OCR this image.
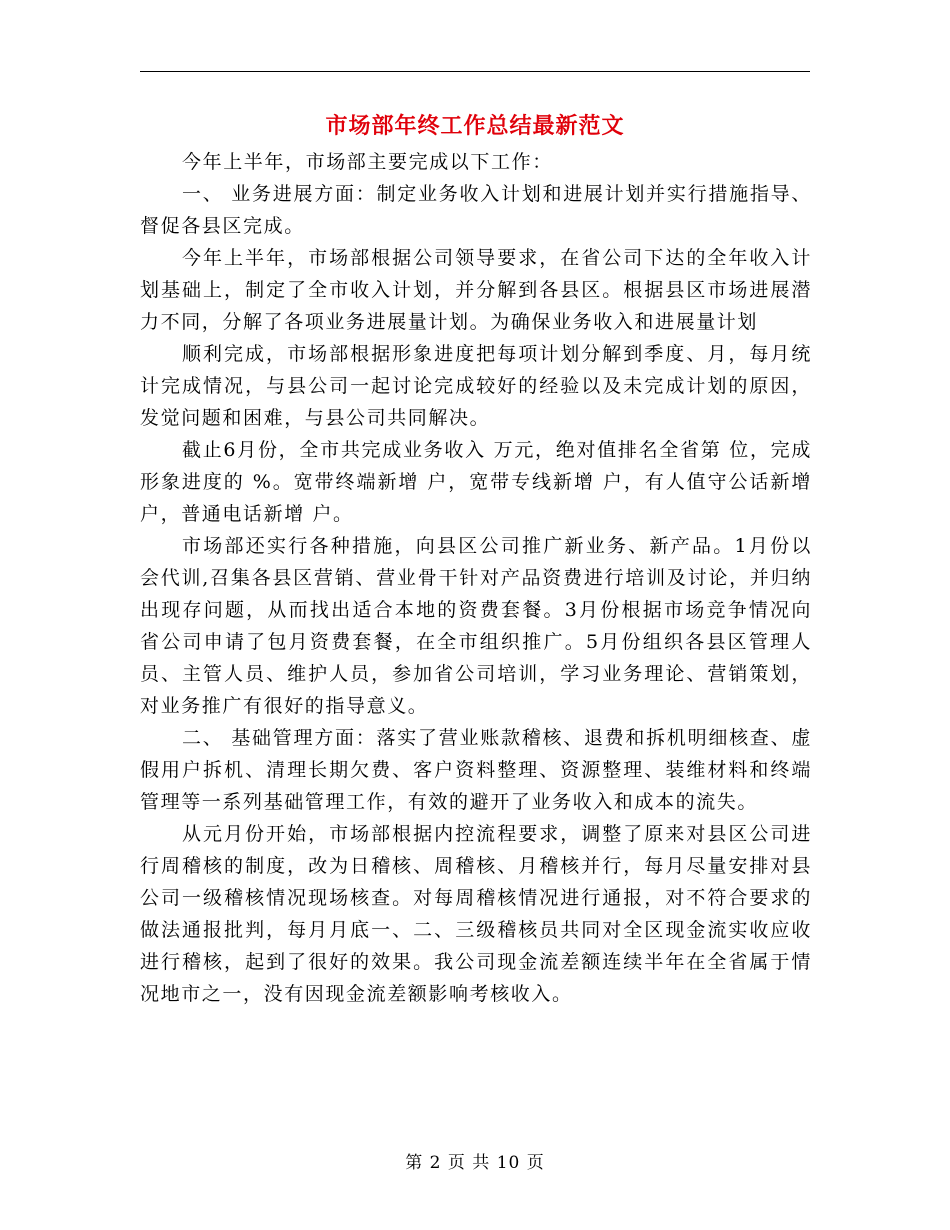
市场部年终工作总结最新范文

今年上半年，市场部主要完成以下工作：

一、 业务进展方面：制定业务收入计划和进展计划并实行措施指导、督促各县区完成。

今年上半年，市场部根据公司领导要求，在省公司下达的全年收入计划基础上，制定了全市收入计划，并分解到各县区。根据县区市场进展潜力不同，分解了各项业务进展量计划。为确保业务收入和进展量计划

顺利完成，市场部根据形象进度把每项计划分解到季度、月，每月统计完成情况，与县公司一起讨论完成较好的经验以及未完成计划的原因，发觉问题和困难，与县公司共同解决。

截止6月份，全市共完成业务收入 万元，绝对值排名全省第 位，完成形象进度的 %。宽带终端新增 户，宽带专线新增 户，有人值守公话新增 户，普通电话新增 户。

市场部还实行各种措施，向县区公司推广新业务、新产品。1月份以会代训,召集各县区营销、营业骨干针对产品资费进行培训及讨论，并归纳出现存问题，从而找出适合本地的资费套餐。3月份根据市场竞争情况向省公司申请了包月资费套餐，在全市组织推广。5月份组织各县区管理人员、主管人员、维护人员，参加省公司培训，学习业务理论、营销策划， 对业务推广有很好的指导意义。

二、 基础管理方面：落实了营业账款稽核、退费和拆机明细核查、虚假用户拆机、清理长期欠费、客户资料整理、资源整理、装维材料和终端管理等一系列基础管理工作，有效的避开了业务收入和成本的流失。

从元月份开始，市场部根据内控流程要求，调整了原来对县区公司进行周稽核的制度，改为日稽核、周稽核、月稽核并行，每月尽量安排对县公司一级稽核情况现场核查。对每周稽核情况进行通报，对不符合要求的做法通报批判，每月月底一、二、三级稽核员共同对全区现金流实收应收进行稽核，起到了很好的效果。我公司现金流差额连续半年在全省属于情况地市之一，没有因现金流差额影响考核收入。

第 2 页 共 10 页
